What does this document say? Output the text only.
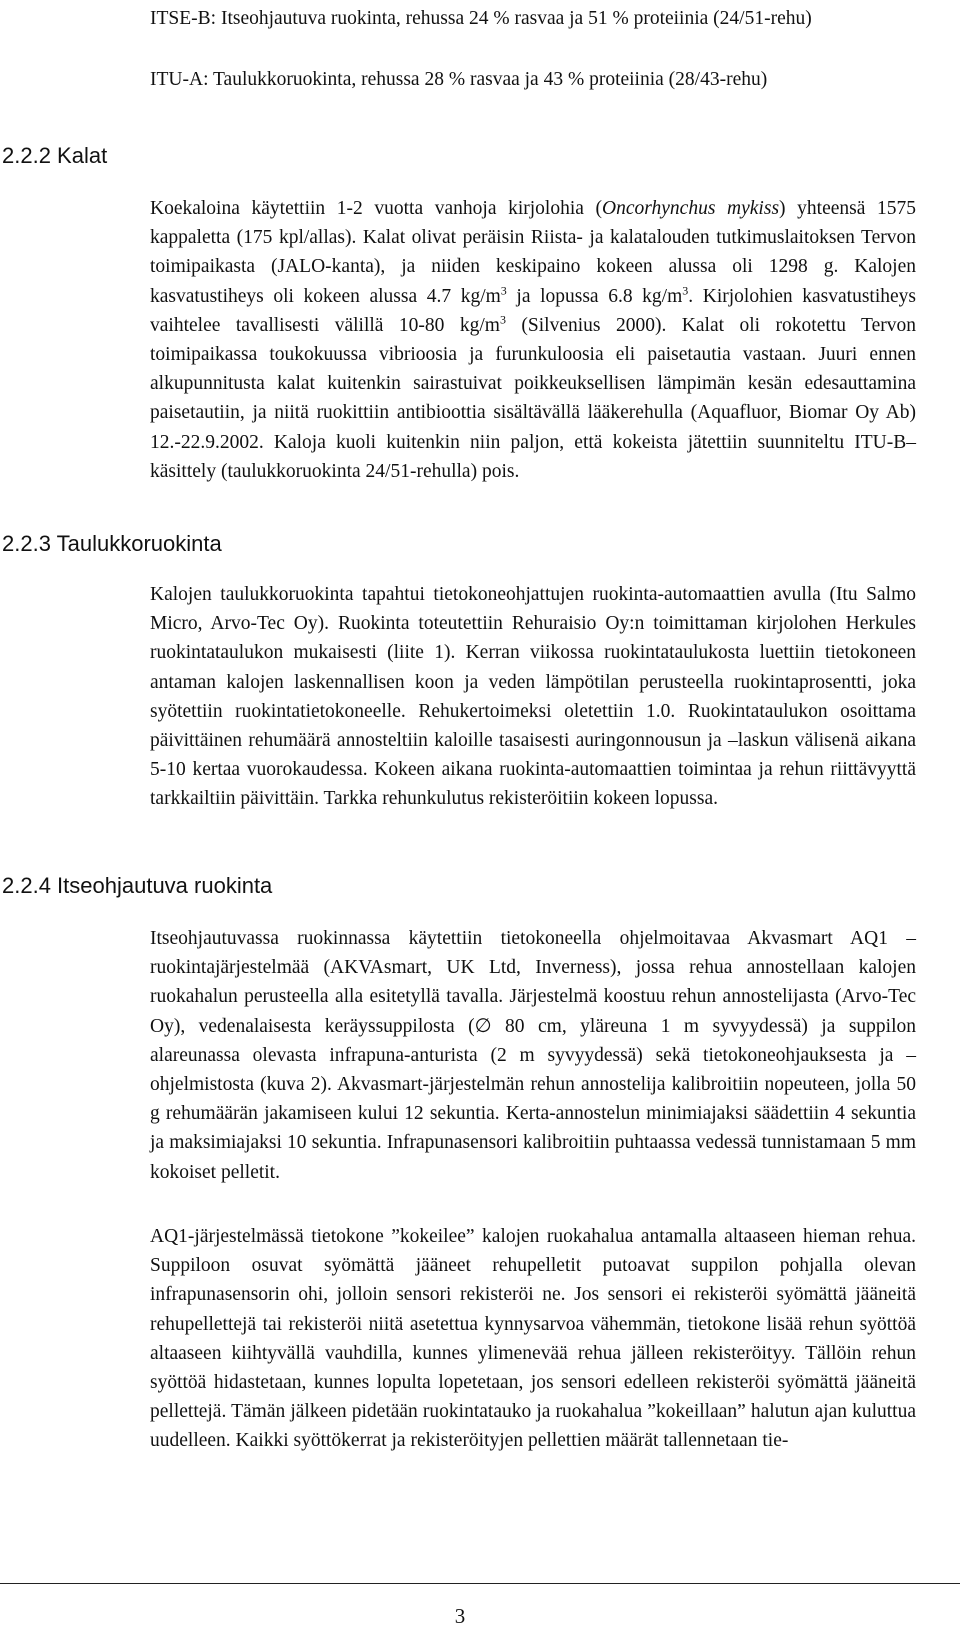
ITSE-B: Itseohjautuva ruokinta, rehussa 24 % rasvaa ja 51 % proteiinia (24/51-rehu)

ITU-A: Taulukkoruokinta, rehussa 28 % rasvaa ja 43 % proteiinia (28/43-rehu)

2.2.2 Kalat

Koekaloina käytettiin 1-2 vuotta vanhoja kirjolohia (Oncorhynchus mykiss) yhteensä 1575 kappaletta (175 kpl/allas). Kalat olivat peräisin Riista- ja kalatalouden tutkimuslaitoksen Tervon toimipaikasta (JALO-kanta), ja niiden keskipaino kokeen alussa oli 1298 g. Kalojen kasvatustiheys oli kokeen alussa 4.7 $kg/m^3$ ja lopussa 6.8 $kg/m^3$. Kirjolohien kasvatustiheys vaihtelee tavallisesti välillä 10-80 $kg/m^3$ (Silvenius 2000). Kalat oli rokotettu Tervon toimipaikassa toukokuussa vibrioosia ja furunkuloosia eli paisetautia vastaan. Juuri ennen alkupunnitusta kalat kuitenkin sairastuivat poikkeuksellisen lämpimän kesän edesauttamina paisetautiin, ja niitä ruokittiin antibioottia sisältävällä lääkerehulla (Aquafluor, Biomar Oy Ab) 12.-22.9.2002. Kaloja kuoli kuitenkin niin paljon, että kokeista jätettiin suunniteltu ITU-B–käsittely (taulukkoruokinta 24/51-rehulla) pois.

2.2.3 Taulukkoruokinta

Kalojen taulukkoruokinta tapahtui tietokoneohjattujen ruokinta-automaattien avulla (Itu Salmo Micro, Arvo-Tec Oy). Ruokinta toteutettiin Rehuraisio Oy:n toimittaman kirjolohen Herkules ruokintataulukon mukaisesti (liite 1). Kerran viikossa ruokintataulukosta luettiin tietokoneen antaman kalojen laskennallisen koon ja veden lämpötilan perusteella ruokintaprosentti, joka syötettiin ruokintatietokoneelle. Rehukertoimeksi oletettiin 1.0. Ruokintataulukon osoittama päivittäinen rehumäärä annosteltiin kaloille tasaisesti auringonnousun ja –laskun välisenä aikana 5-10 kertaa vuorokaudessa. Kokeen aikana ruokinta-automaattien toimintaa ja rehun riittävyyttä tarkkailtiin päivittäin. Tarkka rehunkulutus rekisteröitiin kokeen lopussa.

2.2.4 Itseohjautuva ruokinta

Itseohjautuvassa ruokinnassa käytettiin tietokoneella ohjelmoitavaa Akvasmart AQ1 –ruokintajärjestelmää (AKVAsmart, UK Ltd, Inverness), jossa rehua annostellaan kalojen ruokahalun perusteella alla esitetyllä tavalla. Järjestelmä koostuu rehun annostelijasta (Arvo-Tec Oy), vedenalaisesta keräyssuppilosta (∅ 80 cm, yläreuna 1 m syvyydessä) ja suppilon alareunassa olevasta infrapuna-anturista (2 m syvyydessä) sekä tietokoneohjauksesta ja –ohjelmistosta (kuva 2). Akvasmart-järjestelmän rehun annostelija kalibroitiin nopeuteen, jolla 50 g rehumäärän jakamiseen kului 12 sekuntia. Kerta-annostelun minimiajaksi säädettiin 4 sekuntia ja maksimiajaksi 10 sekuntia. Infrapunasensori kalibroitiin puhtaassa vedessä tunnistamaan 5 mm kokoiset pelletit.

AQ1-järjestelmässä tietokone ”kokeilee” kalojen ruokahalua antamalla altaaseen hieman rehua. Suppiloon osuvat syömättä jääneet rehupelletit putoavat suppilon pohjalla olevan infrapunasensorin ohi, jolloin sensori rekisteröi ne. Jos sensori ei rekisteröi syömättä jääneitä rehupellettejä tai rekisteröi niitä asetettua kynnysarvoa vähemmän, tietokone lisää rehun syöttöä altaaseen kiihtyvällä vauhdilla, kunnes ylimenevää rehua jälleen rekisteröityy. Tällöin rehun syöttöä hidastetaan, kunnes lopulta lopetetaan, jos sensori edelleen rekisteröi syömättä jääneitä pellettejä. Tämän jälkeen pidetään ruokintatauko ja ruokahalua ”kokeillaan” halutun ajan kuluttua uudelleen. Kaikki syöttökerrat ja rekisteröityjen pellettien määrät tallennetaan tie-

3
